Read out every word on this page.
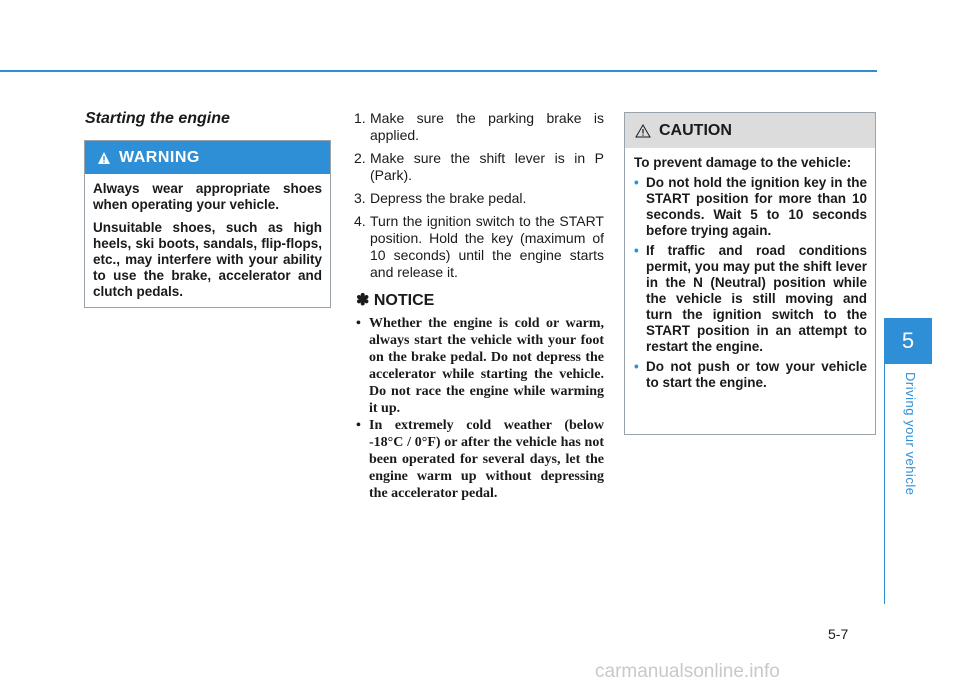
Starting the engine
WARNING

Always wear appropriate shoes when operating your vehicle.

Unsuitable shoes, such as high heels, ski boots, sandals, flip-flops, etc., may interfere with your ability to use the brake, accelerator and clutch pedals.

1. Make sure the parking brake is applied.
2. Make sure the shift lever is in P (Park).
3. Depress the brake pedal.
4. Turn the ignition switch to the START position. Hold the key (maximum of 10 seconds) until the engine starts and release it.
✽ NOTICE
• Whether the engine is cold or warm, always start the vehicle with your foot on the brake pedal. Do not depress the accelerator while starting the vehicle. Do not race the engine while warming it up.
• In extremely cold weather (below -18°C / 0°F) or after the vehicle has not been operated for several days, let the engine warm up without depressing the accelerator pedal.
CAUTION

To prevent damage to the vehicle:

• Do not hold the ignition key in the START position for more than 10 seconds. Wait 5 to 10 seconds before trying again.
• If traffic and road conditions permit, you may put the shift lever in the N (Neutral) position while the vehicle is still moving and turn the ignition switch to the START position in an attempt to restart the engine.
• Do not push or tow your vehicle to start the engine.
5
Driving your vehicle
5-7
carmanualsonline.info
